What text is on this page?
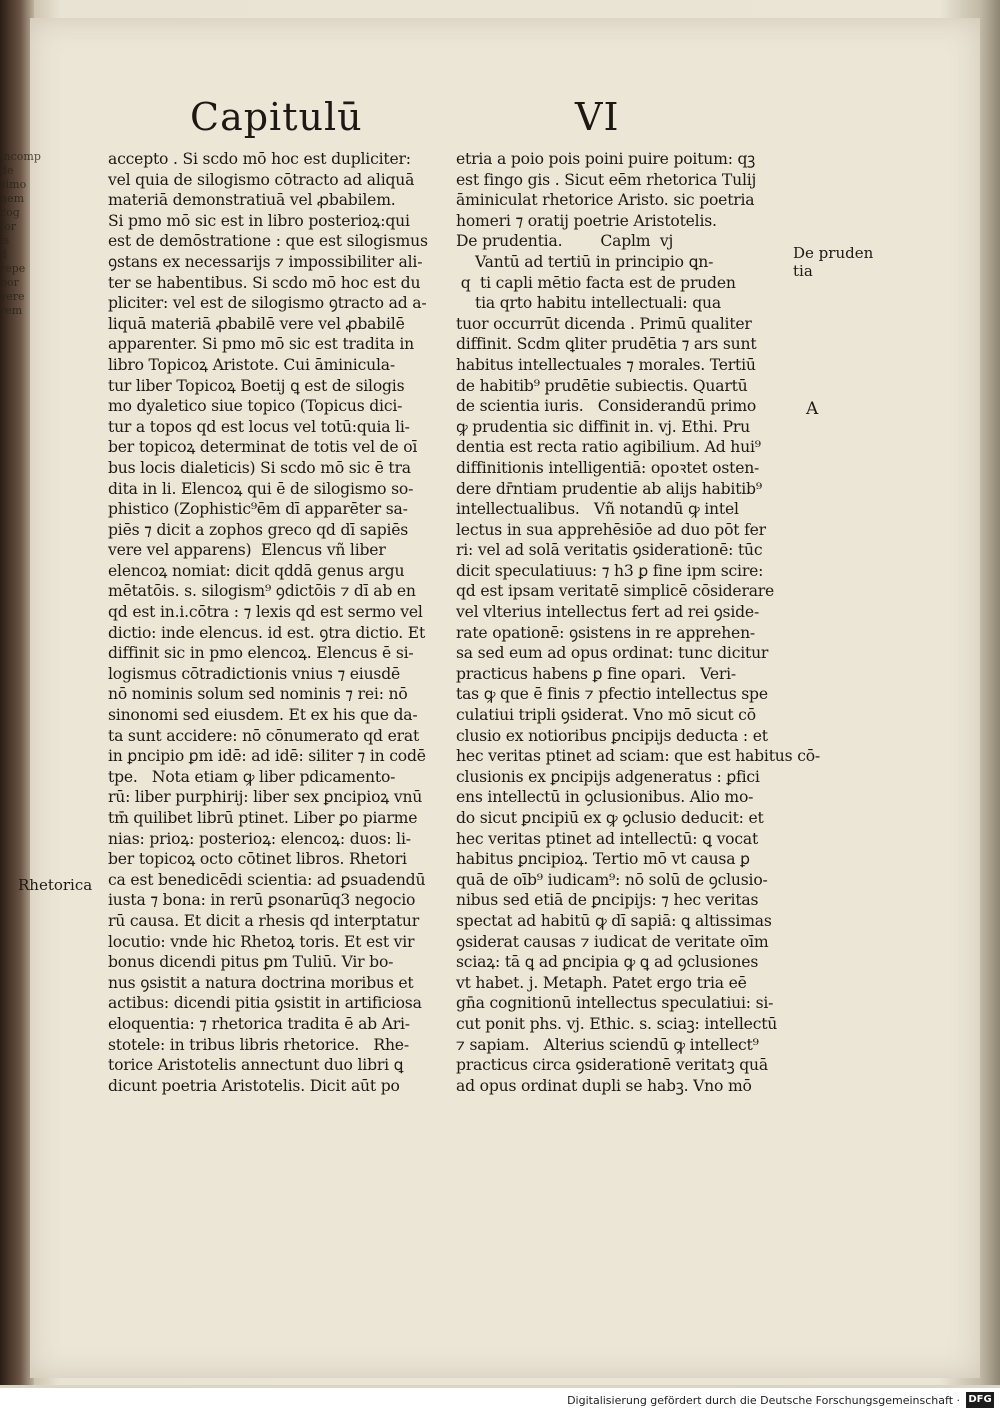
incomp
de
simo
nem
cog
for
is
d
repe
bor
vere
rem
Capitulū	VI
accepto . Si scdo mō hoc est dupliciter:
vel quia de silogismo cōtracto ad aliquā
materiā demonstratiuā vel ꝓbabilem.
Si pmo mō sic est in libro posterioꝝ:qui
est de demōstratione : que est silogismus
ꝯstans ex necessarijs ⁊ impossibiliter ali-
ter se habentibus. Si scdo mō hoc est du
pliciter: vel est de silogismo ꝯtracto ad a-
liquā materiā ꝓbabilē vere vel ꝓbabilē
apparenter. Si pmo mō sic est tradita in
libro Topicoꝝ Aristote. Cui āminicula-
tur liber Topicoꝝ Boetij ꝗ est de silogis
mo dyaletico siue topico (Topicus dici-
tur a topos qd est locus vel totū:quia li-
ber topicoꝝ determinat de totis vel de oī
bus locis dialeticis) Si scdo mō sic ē tra
dita in li. Elencoꝝ qui ē de silogismo so-
phistico (Zophistic⁹ēm dī apparēter sa-
piēs ⁊ dicit a zophos greco qd dī sapiēs
vere vel apparens)  Elencus vñ liber
elencoꝝ nomiat: dicit qddā genus argu
mētatōis. s. silogism⁹ ꝯdictōis ⁊ dī ab en
qd est in.i.cōtra : ⁊ lexis qd est sermo vel
dictio: inde elencus. id est. ꝯtra dictio. Et
diffinit sic in pmo elencoꝝ. Elencus ē si-
logismus cōtradictionis vnius ⁊ eiusdē
nō nominis solum sed nominis ⁊ rei: nō
sinonomi sed eiusdem. Et ex his que da-
ta sunt accidere: nō cōnumerato qd erat
in ꝑncipio ꝑm idē: ad idē: siliter ⁊ in codē
tpe.   Nota etiam ꝙ liber pdicamento-
rū: liber purphirij: liber sex ꝑncipioꝝ vnū
tm̄ quilibet librū ptinet. Liber ꝑo piarme
nias: prioꝝ: posterioꝝ: elencoꝝ: duos: li-
ber topicoꝝ octo cōtinet libros. Rhetori
ca est benedicēdi scientia: ad ꝑsuadendū
iusta ⁊ bona: in rerū ꝑsonarūq3 negocio
rū causa. Et dicit a rhesis qd interptatur
locutio: vnde hic Rhetoꝝ toris. Et est vir
bonus dicendi pitus ꝑm Tuliū. Vir bo-
nus ꝯsistit a natura doctrina moribus et
actibus: dicendi pitia ꝯsistit in artificiosa
eloquentia: ⁊ rhetorica tradita ē ab Ari-
stotele: in tribus libris rhetorice.   Rhe-
torice Aristotelis annectunt duo libri ꝗ
dicunt poetria Aristotelis. Dicit aūt po
etria a poio pois poini puire poitum: qꝫ
est fingo gis . Sicut eēm rhetorica Tulij
āminiculat rhetorice Aristo. sic poetria
homeri ⁊ oratij poetrie Aristotelis.
De prudentia.        Caplm  vj
Vantū ad tertiū in principio ꝗn-
q  ti capli mētio facta est de pruden
tia qrto habitu intellectuali: qua
tuor occurrūt dicenda . Primū qualiter
diffinit. Scdm ꝗliter prudētia ⁊ ars sunt
habitus intellectuales ⁊ morales. Tertiū
de habitib⁹ prudētie subiectis. Quartū
de scientia iuris.   Considerandū primo
ꝙ prudentia sic diffinit in. vj. Ethi. Pru
dentia est recta ratio agibilium. Ad hui⁹
diffinitionis intelligentiā: opoꝛtet osten-
dere dr̄ntiam prudentie ab alijs habitib⁹
intellectualibus.   Vñ notandū ꝙ intel
lectus in sua apprehēsiōe ad duo pōt fer
ri: vel ad solā veritatis ꝯsiderationē: tūc
dicit speculatiuus: ⁊ h3 ꝑ fine ipm scire:
qd est ipsam veritatē simplicē cōsiderare
vel vlterius intellectus fert ad rei ꝯside-
rate opationē: ꝯsistens in re apprehen-
sa sed eum ad opus ordinat: tunc dicitur
practicus habens ꝑ fine opari.   Veri-
tas ꝙ que ē finis ⁊ pfectio intellectus spe
culatiui tripli ꝯsiderat. Vno mō sicut cō
clusio ex notioribus ꝑncipijs deducta : et
hec veritas ptinet ad sciam: que est habitus cō-
clusionis ex ꝑncipijs adgeneratus : ꝑfici
ens intellectū in ꝯclusionibus. Alio mo-
do sicut ꝑncipiū ex ꝙ ꝯclusio deducit: et
hec veritas ptinet ad intellectū: ꝗ vocat
habitus ꝑncipioꝝ. Tertio mō vt causa ꝑ
quā de oīb⁹ iudicam⁹: nō solū de ꝯclusio-
nibus sed etiā de ꝑncipijs: ⁊ hec veritas
spectat ad habitū ꝙ dī sapiā: ꝗ altissimas
ꝯsiderat causas ⁊ iudicat de veritate oīm
sciaꝝ: tā ꝗ ad ꝑncipia ꝙ ꝗ ad ꝯclusiones
vt habet. j. Metaph. Patet ergo tria eē
gn̄a cognitionū intellectus speculatiui: si-
cut ponit phs. vj. Ethic. s. sciaꝫ: intellectū
⁊ sapiam.   Alterius sciendū ꝙ intellect⁹
practicus circa ꝯsiderationē veritatꝫ quā
ad opus ordinat dupli se habꝫ. Vno mō
Rhetorica
De pruden
tia
A
Digitalisierung gefördert durch die Deutsche Forschungsgemeinschaft · DFG
